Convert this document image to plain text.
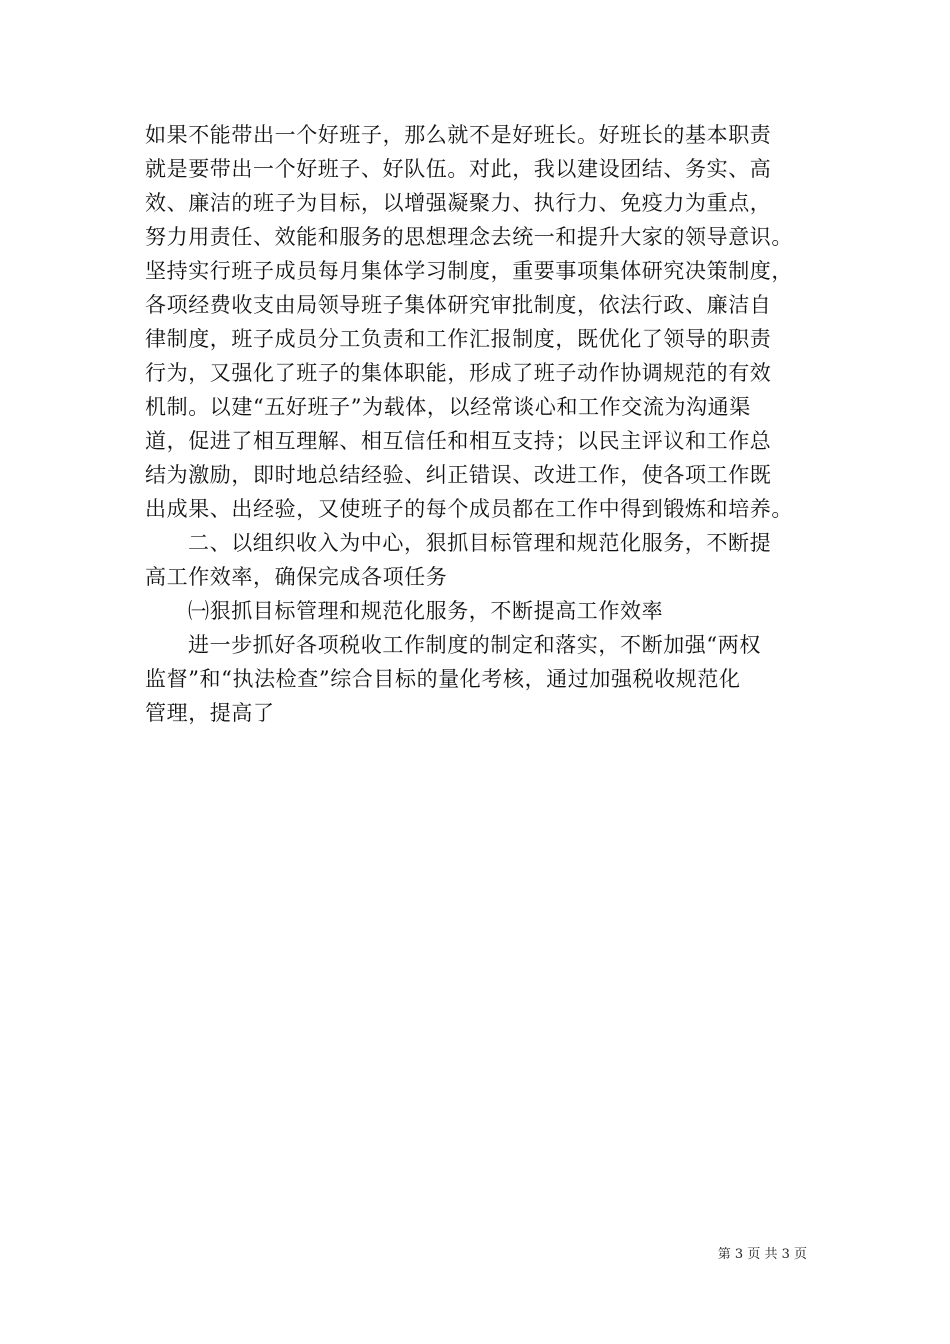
如果不能带出一个好班子，那么就不是好班长。好班长的基本职责
就是要带出一个好班子、好队伍。对此，我以建设团结、务实、高
效、廉洁的班子为目标，以增强凝聚力、执行力、免疫力为重点，
努力用责任、效能和服务的思想理念去统一和提升大家的领导意识。
坚持实行班子成员每月集体学习制度，重要事项集体研究决策制度，
各项经费收支由局领导班子集体研究审批制度，依法行政、廉洁自
律制度，班子成员分工负责和工作汇报制度，既优化了领导的职责
行为，又强化了班子的集体职能，形成了班子动作协调规范的有效
机制。以建“五好班子”为载体，以经常谈心和工作交流为沟通渠
道，促进了相互理解、相互信任和相互支持；以民主评议和工作总
结为激励，即时地总结经验、纠正错误、改进工作，使各项工作既
出成果、出经验，又使班子的每个成员都在工作中得到锻炼和培养。
二、以组织收入为中心，狠抓目标管理和规范化服务，不断提
高工作效率，确保完成各项任务
㈠狠抓目标管理和规范化服务，不断提高工作效率
进一步抓好各项税收工作制度的制定和落实，不断加强“两权
监督”和“执法检查”综合目标的量化考核，通过加强税收规范化
管理，提高了
第 3 页 共 3 页
